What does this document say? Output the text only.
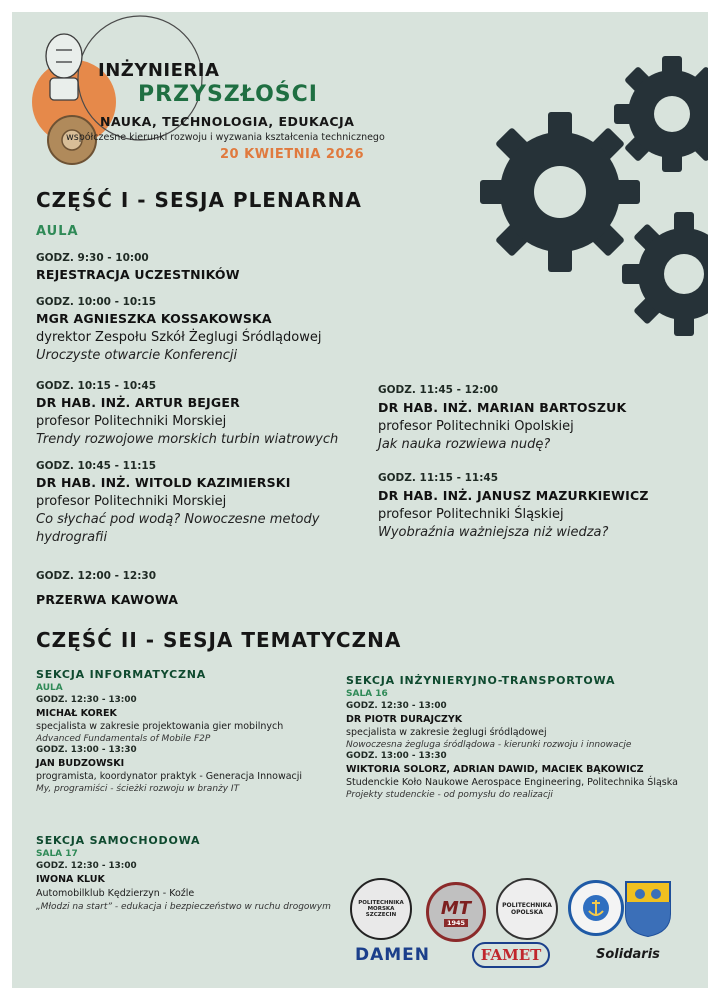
INŻYNIERIA
PRZYSZŁOŚCI
NAUKA, TECHNOLOGIA, EDUKACJA
współczesne kierunki rozwoju i wyzwania kształcenia technicznego
20 KWIETNIA 2026
CZĘŚĆ I - SESJA PLENARNA
AULA
GODZ. 9:30 - 10:00
REJESTRACJA UCZESTNIKÓW
GODZ. 10:00 - 10:15
MGR AGNIESZKA KOSSAKOWSKA
dyrektor Zespołu Szkół Żeglugi Śródlądowej
Uroczyste otwarcie Konferencji
GODZ. 10:15 - 10:45
DR HAB. INŻ. ARTUR BEJGER
profesor Politechniki Morskiej
Trendy rozwojowe morskich turbin wiatrowych
GODZ. 10:45 - 11:15
DR HAB. INŻ. WITOLD KAZIMIERSKI
profesor Politechniki Morskiej
Co słychać pod wodą? Nowoczesne metody
hydrografii
GODZ. 11:45 - 12:00
DR HAB. INŻ. MARIAN BARTOSZUK
profesor Politechniki Opolskiej
Jak nauka rozwiewa nudę?
GODZ. 11:15 - 11:45
DR HAB. INŻ. JANUSZ MAZURKIEWICZ
profesor Politechniki Śląskiej
Wyobraźnia ważniejsza niż wiedza?
GODZ. 12:00 - 12:30
PRZERWA KAWOWA
CZĘŚĆ II - SESJA TEMATYCZNA
SEKCJA INFORMATYCZNA
AULA
GODZ. 12:30 - 13:00
MICHAŁ KOREK
specjalista w zakresie projektowania gier mobilnych
Advanced Fundamentals of Mobile F2P
GODZ. 13:00 - 13:30
JAN BUDZOWSKI
programista, koordynator praktyk - Generacja Innowacji
My, programiści - ścieżki rozwoju w branży IT
SEKCJA INŻYNIERYJNO-TRANSPORTOWA
SALA 16
GODZ. 12:30 - 13:00
DR PIOTR DURAJCZYK
specjalista w zakresie żeglugi śródlądowej
Nowoczesna żegluga śródlądowa - kierunki rozwoju i innowacje
GODZ. 13:00 - 13:30
WIKTORIA SOLORZ, ADRIAN DAWID, MACIEK BĄKOWICZ
Studenckie Koło Naukowe Aerospace Engineering, Politechnika Śląska
Projekty studenckie - od pomysłu do realizacji
SEKCJA SAMOCHODOWA
SALA 17
GODZ. 12:30 - 13:00
IWONA KLUK
Automobilklub Kędzierzyn - Koźle
„Młodzi na start” - edukacja i bezpieczeństwo w ruchu drogowym	POLITECHNIKA MORSKA SZCZECIN	MT
1945
POLITECHNIKA OPOLSKA
DAMEN	FAMET	Solidaris
